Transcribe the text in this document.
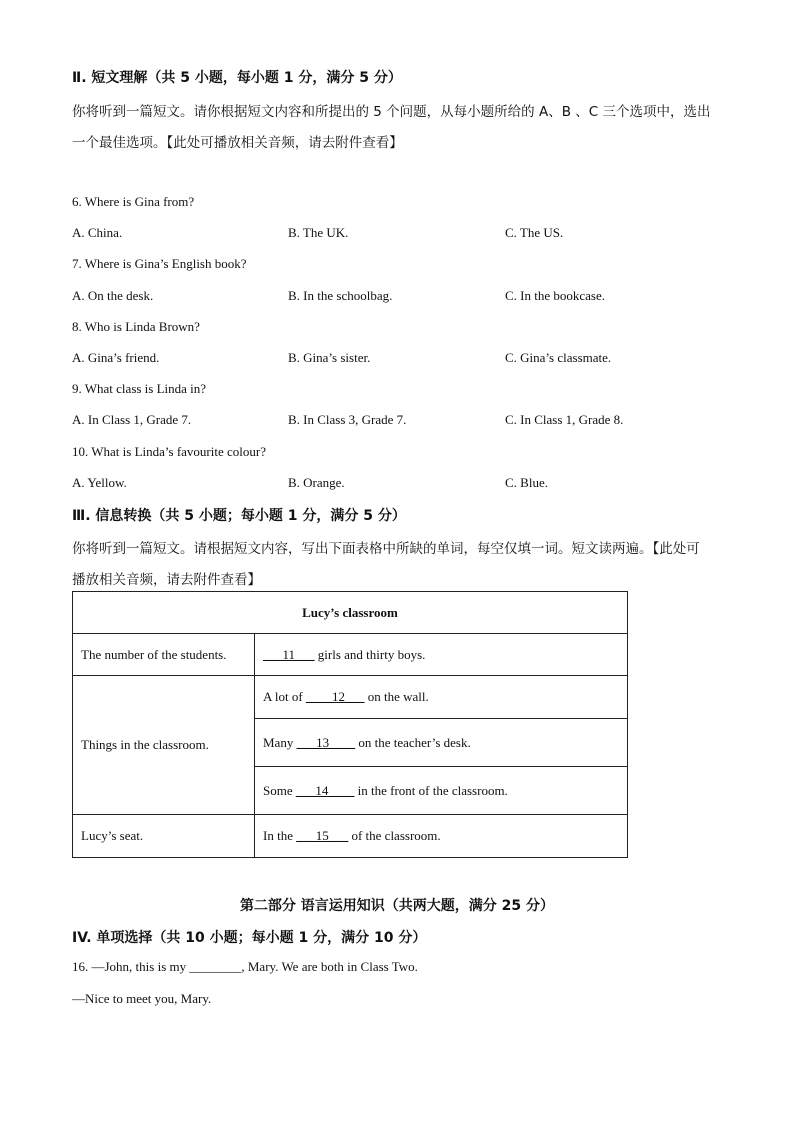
Ⅱ. 短文理解（共 5 小题，每小题 1 分，满分 5 分）
你将听到一篇短文。请你根据短文内容和所提出的 5 个问题，从每小题所给的 A、B 、C 三个选项中，选出
一个最佳选项。【此处可播放相关音频，请去附件查看】
6. Where is Gina from?
A. China.	B. The UK.	C. The US.
7. Where is Gina’s English book?
A. On the desk.	B. In the schoolbag.	C. In the bookcase.
8. Who is Linda Brown?
A. Gina’s friend.	B. Gina’s sister.	C. Gina’s classmate.
9. What class is Linda in?
A. In Class 1, Grade 7.	B. In Class 3, Grade 7.	C. In Class 1, Grade 8.
10. What is Linda’s favourite colour?
A. Yellow.	B. Orange.	C. Blue.
Ⅲ. 信息转换（共 5 小题；每小题 1 分，满分 5 分）
你将听到一篇短文。请根据短文内容，写出下面表格中所缺的单词，每空仅填一词。短文读两遍。【此处可
播放相关音频，请去附件查看】
Lucy’s classroom	
The number of the students.	___11___ girls and thirty boys.
Things in the classroom.	A lot of ____12___ on the wall.
	Many ___13____ on the teacher’s desk.
	Some ___14____ in the front of the classroom.
Lucy’s seat.	In the ___15___ of the classroom.
第二部分 语言运用知识（共两大题，满分 25 分）
IV. 单项选择（共 10 小题；每小题 1 分，满分 10 分）
16. —John, this is my ________, Mary. We are both in Class Two.
—Nice to meet you, Mary.
